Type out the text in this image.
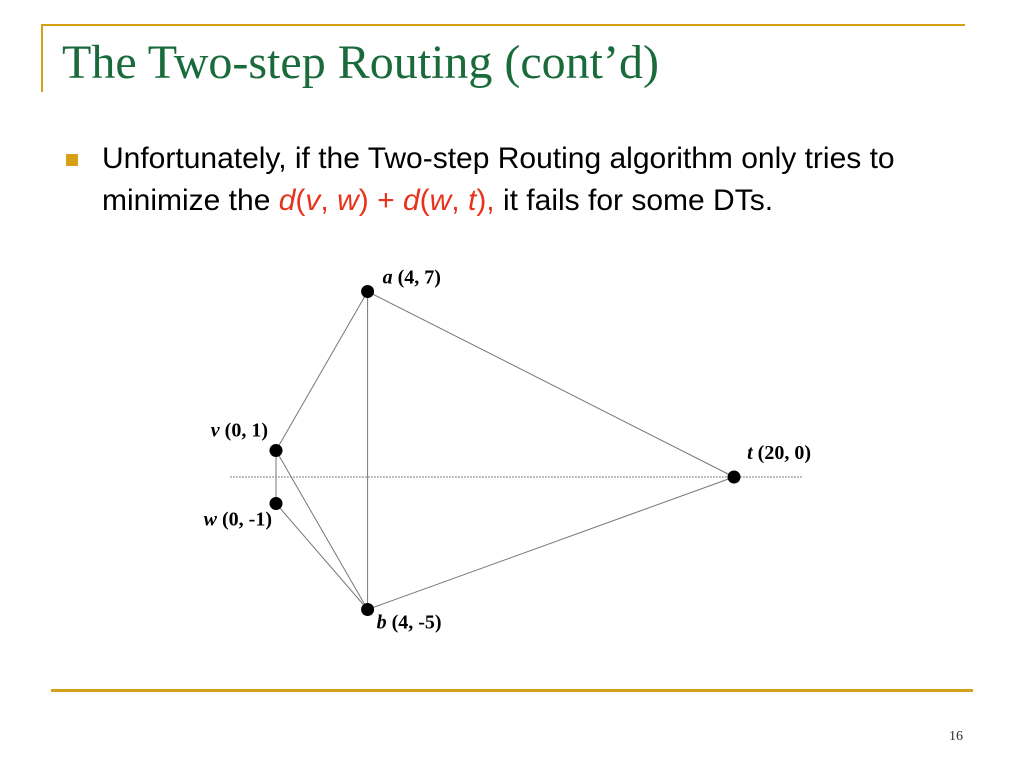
The Two-step Routing (cont’d)
Unfortunately, if the Two-step Routing algorithm only tries to minimize the d(v, w) + d(w, t), it fails for some DTs.
a (4, 7)
v (0, 1)
w (0, -1)
b (4, -5)
t (20, 0)
16
